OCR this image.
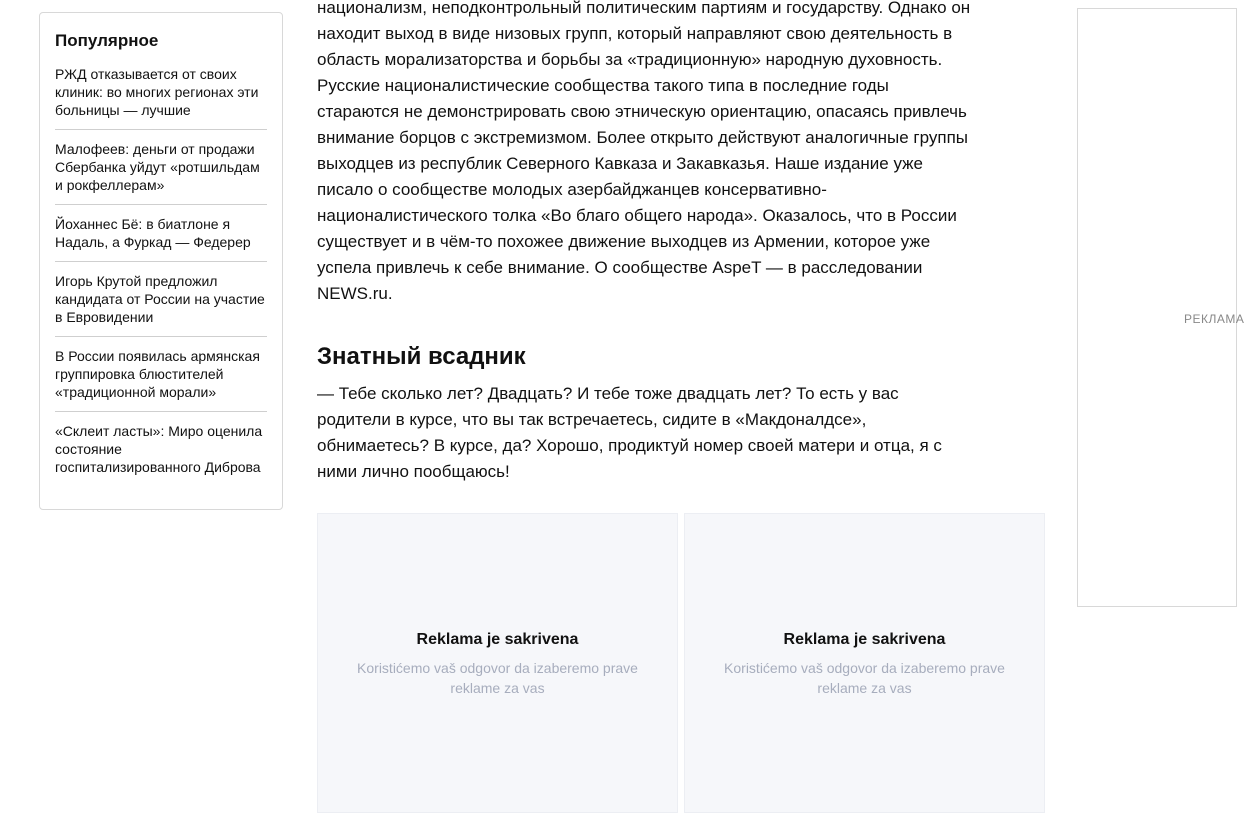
Популярное
РЖД отказывается от своих клиник: во многих регионах эти больницы — лучшие
Малофеев: деньги от продажи Сбербанка уйдут «ротшильдам и рокфеллерам»
Йоханнес Бё: в биатлоне я Надаль, а Фуркад — Федерер
Игорь Крутой предложил кандидата от России на участие в Евровидении
В России появилась армянская группировка блюстителей «традиционной морали»
«Склеит ласты»: Миро оценила состояние госпитализированного Диброва

национализм, неподконтрольный политическим партиям и государству. Однако он находит выход в виде низовых групп, который направляют свою деятельность в область морализаторства и борьбы за «традиционную» народную духовность. Русские националистические сообщества такого типа в последние годы стараются не демонстрировать свою этническую ориентацию, опасаясь привлечь внимание борцов с экстремизмом. Более открыто действуют аналогичные группы выходцев из республик Северного Кавказа и Закавказья. Наше издание уже писало о сообществе молодых азербайджанцев консервативно-националистического толка «Во благо общего народа». Оказалось, что в России существует и в чём-то похожее движение выходцев из Армении, которое уже успела привлечь к себе внимание. О сообществе АspeT — в расследовании NEWS.ru.

Знатный всадник

— Тебе сколько лет? Двадцать? И тебе тоже двадцать лет? То есть у вас родители в курсе, что вы так встречаетесь, сидите в «Макдоналдсе», обнимаетесь? В курсе, да? Хорошо, продиктуй номер своей матери и отца, я с ними лично пообщаюсь!

Reklama je sakrivena
Koristićemo vaš odgovor da izaberemo prave reklame za vas
Reklama je sakrivena
Koristićemo vaš odgovor da izaberemo prave reklame za vas
РЕКЛАМА
